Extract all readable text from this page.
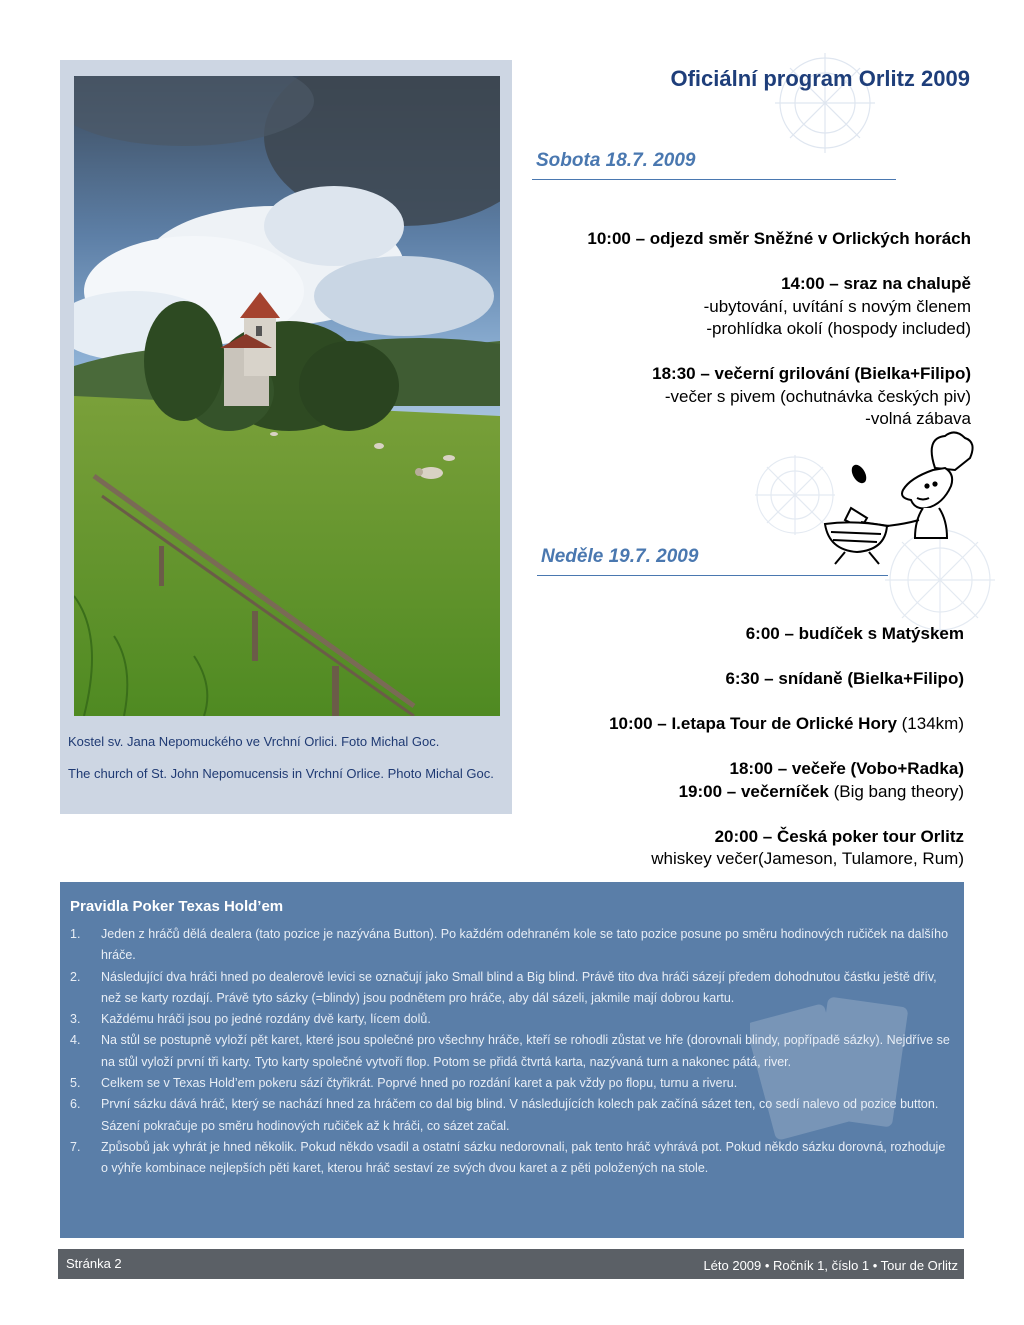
Kostel sv. Jana Nepomuckého ve Vrchní Orlici. Foto Michal Goc.
The church of St. John Nepomucensis in Vrchní Orlice. Photo Michal Goc.
Oficiální program Orlitz 2009
Sobota 18.7. 2009
10:00 – odjezd směr Sněžné v Orlických horách
14:00 – sraz na chalupě
-ubytování, uvítání s novým členem
-prohlídka okolí (hospody included)
18:30 – večerní grilování (Bielka+Filipo)
-večer s pivem (ochutnávka českých piv)
-volná zábava
Neděle 19.7. 2009
6:00 – budíček s Matýskem
6:30 – snídaně (Bielka+Filipo)
10:00 – I.etapa Tour de Orlické Hory (134km)
18:00 – večeře (Vobo+Radka)
19:00 – večerníček (Big bang theory)
20:00 – Česká poker tour Orlitz
whiskey večer(Jameson, Tulamore, Rum)
Pravidla Poker Texas Hold’em
1. Jeden z hráčů dělá dealera (tato pozice je nazývána Button). Po každém odehraném kole se tato pozice posune po směru hodinových ručiček na dalšího hráče.
2. Následující dva hráči hned po dealerově levici se označují jako Small blind a Big blind. Právě tito dva hráči sázejí předem dohodnutou částku ještě dřív, než se karty rozdají. Právě tyto sázky (=blindy) jsou podnětem pro hráče, aby dál sázeli, jakmile mají dobrou kartu.
3. Každému hráči jsou po jedné rozdány dvě karty, lícem dolů.
4. Na stůl se postupně vyloží pět karet, které jsou společné pro všechny hráče, kteří se rohodli zůstat ve hře (dorovnali blindy, popřípadě sázky). Nejdříve se na stůl vyloží první tři karty. Tyto karty společné vytvoří flop. Potom se přidá čtvrtá karta, nazývaná turn a nakonec pátá, river.
5. Celkem se v Texas Hold’em pokeru sází čtyřikrát. Poprvé hned po rozdání karet a pak vždy po flopu, turnu a riveru.
6. První sázku dává hráč, který se nachází hned za hráčem co dal big blind. V následujících kolech pak začíná sázet ten, co sedí nalevo od pozice button. Sázení pokračuje po směru hodinových ručiček až k hráči, co sázet začal.
7. Způsobů jak vyhrát je hned několik. Pokud někdo vsadil a ostatní sázku nedorovnali, pak tento hráč vyhrává pot. Pokud někdo sázku dorovná, rozhoduje o výhře kombinace nejlepších pěti karet, kterou hráč sestaví ze svých dvou karet a z pěti položených na stole.
Stránka 2	Léto 2009 • Ročník 1, číslo 1 • Tour de Orlitz
